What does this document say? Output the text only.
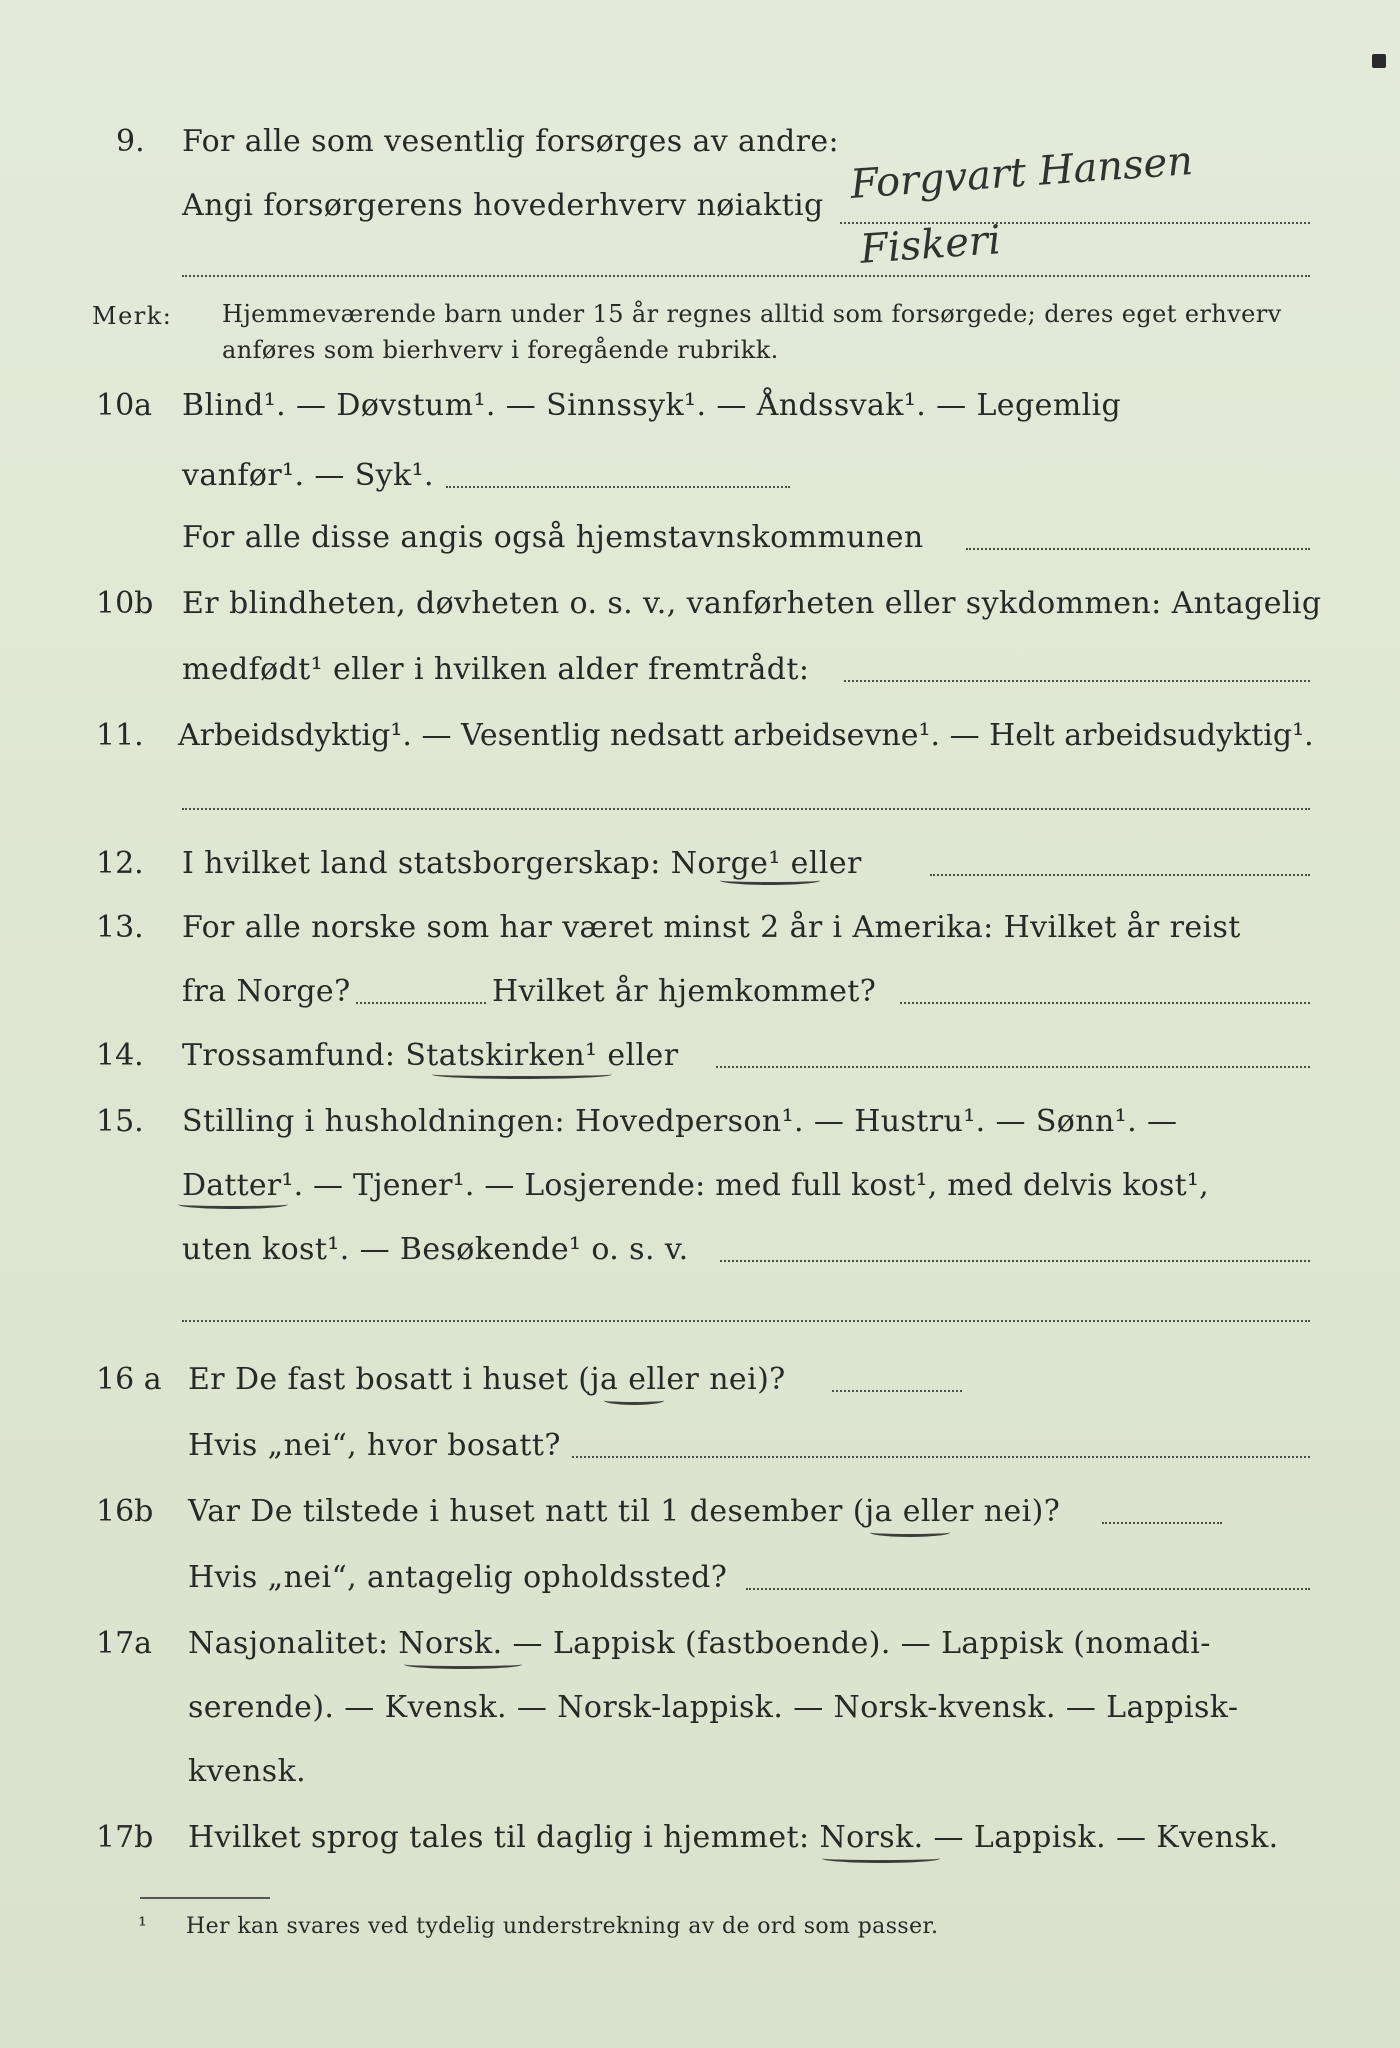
9. For alle som vesentlig forsørges av andre:
Angi forsørgerens hovederhverv nøiaktig Forgvart Hansen
Fiskeri
Merk: Hjemmeværende barn under 15 år regnes alltid som forsørgede; deres eget erhverv
anføres som bierhverv i foregående rubrikk.
10a Blind¹. — Døvstum¹. — Sinnssyk¹. — Åndssvak¹. — Legemlig
vanfør¹. — Syk¹.
For alle disse angis også hjemstavnskommunen
10b Er blindheten, døvheten o. s. v., vanførheten eller sykdommen: Antagelig
medfødt¹ eller i hvilken alder fremtrådt:
11. Arbeidsdyktig¹. — Vesentlig nedsatt arbeidsevne¹. — Helt arbeidsudyktig¹.
12. I hvilket land statsborgerskap: Norge¹ eller
13. For alle norske som har været minst 2 år i Amerika: Hvilket år reist
fra Norge?	Hvilket år hjemkommet?
14. Trossamfund: Statskirken¹ eller
15. Stilling i husholdningen: Hovedperson¹. — Hustru¹. — Sønn¹. —
Datter¹. — Tjener¹. — Losjerende: med full kost¹, med delvis kost¹,
uten kost¹. — Besøkende¹ o. s. v.
16 a Er De fast bosatt i huset (ja eller nei)?
Hvis „nei“, hvor bosatt?
16b Var De tilstede i huset natt til 1 desember (ja eller nei)?
Hvis „nei“, antagelig opholdssted?
17a Nasjonalitet: Norsk. — Lappisk (fastboende). — Lappisk (nomadi-
serende). — Kvensk. — Norsk-lappisk. — Norsk-kvensk. — Lappisk-
kvensk.
17b Hvilket sprog tales til daglig i hjemmet: Norsk. — Lappisk. — Kvensk.
¹ Her kan svares ved tydelig understrekning av de ord som passer.
